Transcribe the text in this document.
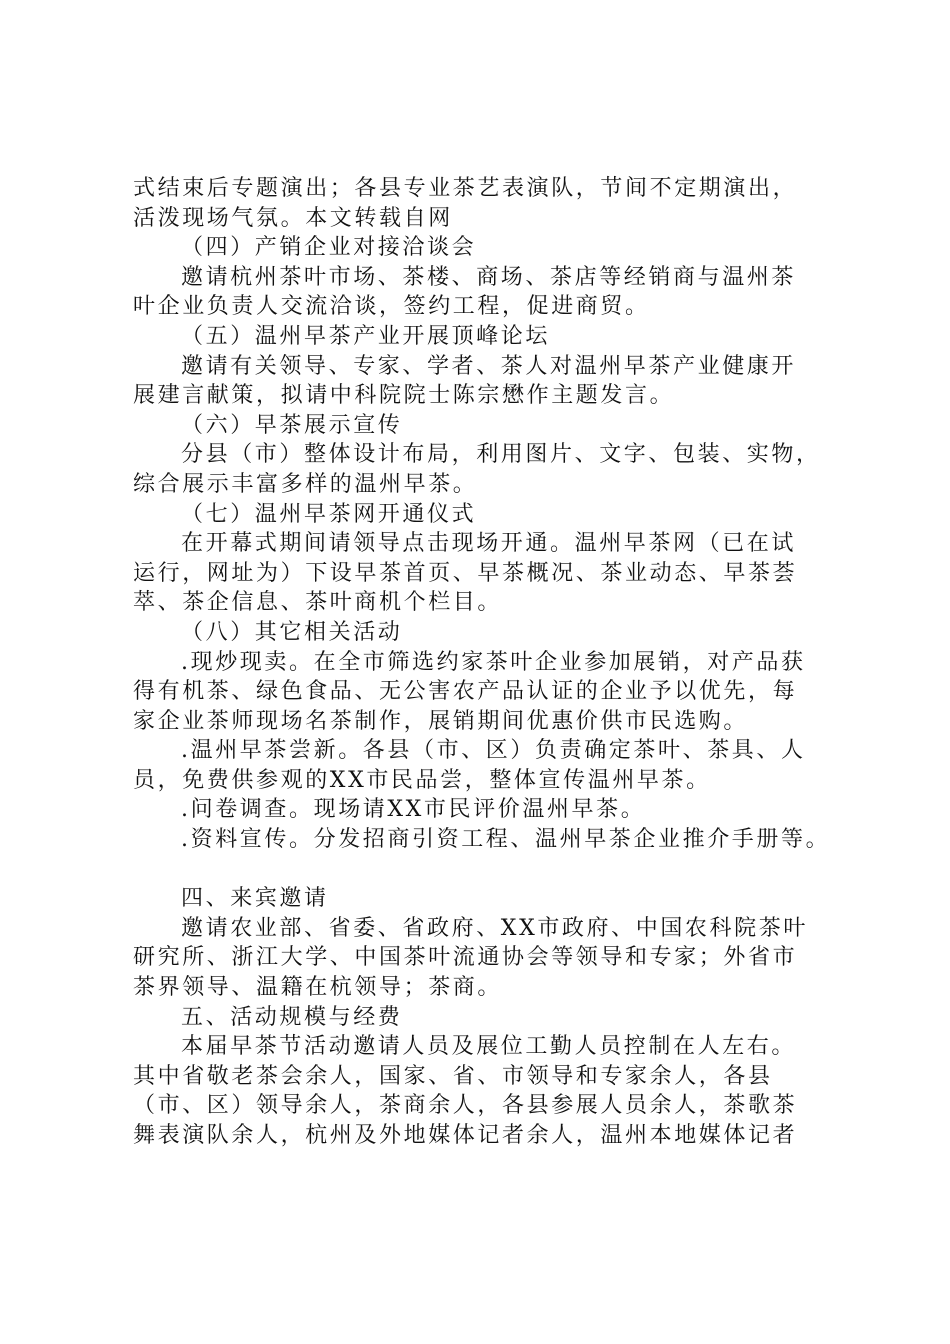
式结束后专题演出；各县专业茶艺表演队，节间不定期演出，

活泼现场气氛。本文转载自网

（四）产销企业对接洽谈会

邀请杭州茶叶市场、茶楼、商场、茶店等经销商与温州茶

叶企业负责人交流洽谈，签约工程，促进商贸。

（五）温州早茶产业开展顶峰论坛

邀请有关领导、专家、学者、茶人对温州早茶产业健康开

展建言献策，拟请中科院院士陈宗懋作主题发言。

（六）早茶展示宣传

分县（市）整体设计布局，利用图片、文字、包装、实物，

综合展示丰富多样的温州早茶。

（七）温州早茶网开通仪式

在开幕式期间请领导点击现场开通。温州早茶网（已在试

运行，网址为）下设早茶首页、早茶概况、茶业动态、早茶荟

萃、茶企信息、茶叶商机个栏目。

（八）其它相关活动

.现炒现卖。在全市筛选约家茶叶企业参加展销，对产品获

得有机茶、绿色食品、无公害农产品认证的企业予以优先，每

家企业茶师现场名茶制作，展销期间优惠价供市民选购。

.温州早茶尝新。各县（市、区）负责确定茶叶、茶具、人

员，免费供参观的XX市民品尝，整体宣传温州早茶。

.问卷调查。现场请XX市民评价温州早茶。

.资料宣传。分发招商引资工程、温州早茶企业推介手册等。

四、来宾邀请

邀请农业部、省委、省政府、XX市政府、中国农科院茶叶

研究所、浙江大学、中国茶叶流通协会等领导和专家；外省市

茶界领导、温籍在杭领导；茶商。

五、活动规模与经费

本届早茶节活动邀请人员及展位工勤人员控制在人左右。

其中省敬老茶会余人，国家、省、市领导和专家余人，各县

（市、区）领导余人，茶商余人，各县参展人员余人，茶歌茶

舞表演队余人，杭州及外地媒体记者余人，温州本地媒体记者
